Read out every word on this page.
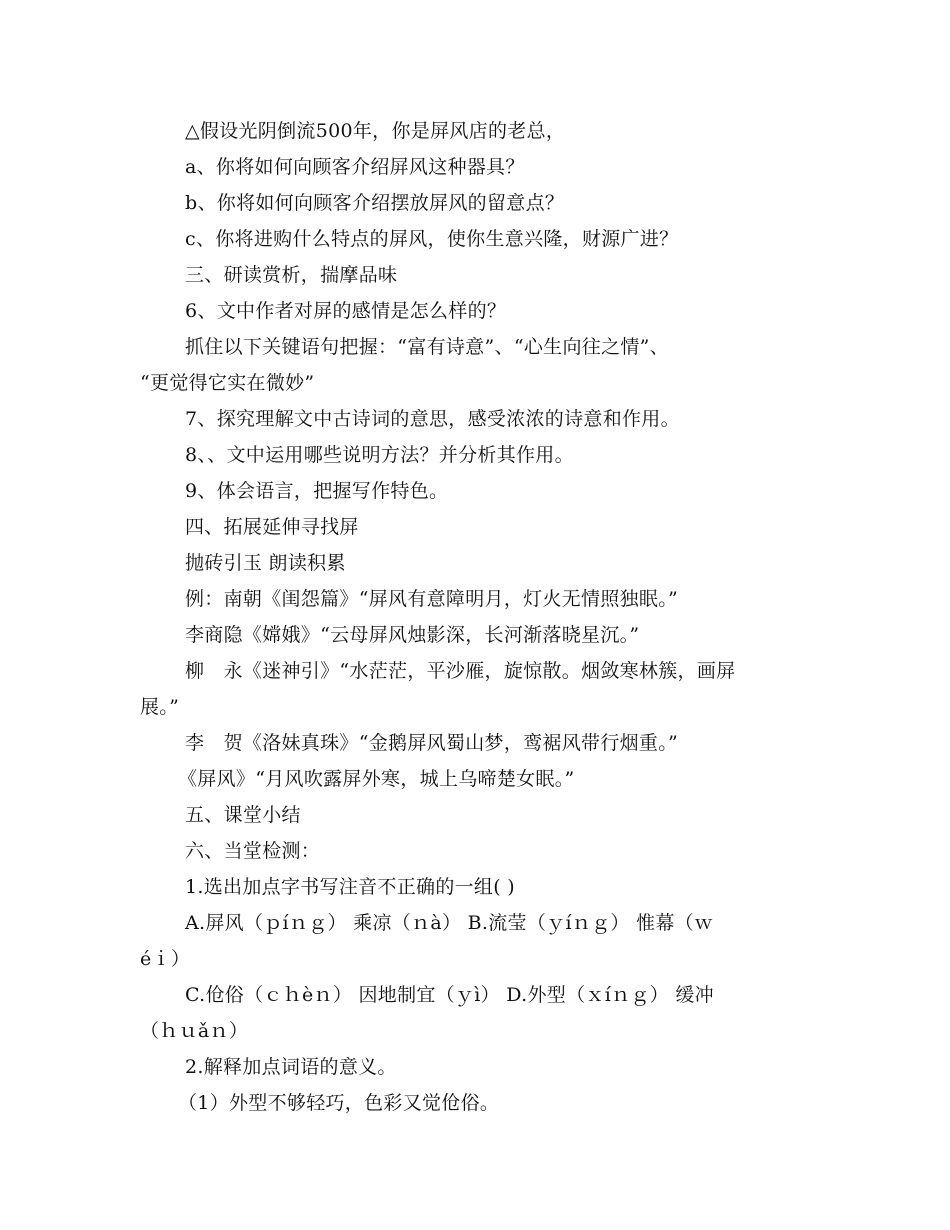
△假设光阴倒流500年，你是屏风店的老总，
a、你将如何向顾客介绍屏风这种器具？
b、你将如何向顾客介绍摆放屏风的留意点？
c、你将进购什么特点的屏风，使你生意兴隆，财源广进？
三、研读赏析，揣摩品味
6、文中作者对屏的感情是怎么样的？
抓住以下关键语句把握：“富有诗意”、“心生向往之情”、
“更觉得它实在微妙”
7、探究理解文中古诗词的意思，感受浓浓的诗意和作用。
8、、文中运用哪些说明方法？并分析其作用。
9、体会语言，把握写作特色。
四、拓展延伸寻找屏
抛砖引玉 朗读积累
例：南朝《闺怨篇》“屏风有意障明月，灯火无情照独眠。”
李商隐《嫦娥》“云母屏风烛影深，长河渐落晓星沉。”
柳　永《迷神引》“水茫茫，平沙雁，旋惊散。烟敛寒林簇，画屏
展。”
李　贺《洛妹真珠》“金鹅屏风蜀山梦，鸾裾风带行烟重。”
《屏风》“月风吹露屏外寒，城上乌啼楚女眠。”
五、课堂小结
六、当堂检测：
1.选出加点字书写注音不正确的一组( )
A.屏风（ｐíｎｇ） 乘凉（ｎà） B.流莹（ｙíｎｇ） 惟幕（ｗ
éｉ）
C.伧俗（ｃｈèｎ） 因地制宜（ｙì） D.外型（ｘíｎｇ） 缓冲
（ｈｕǎｎ）
2.解释加点词语的意义。
（1）外型不够轻巧，色彩又觉伧俗。
